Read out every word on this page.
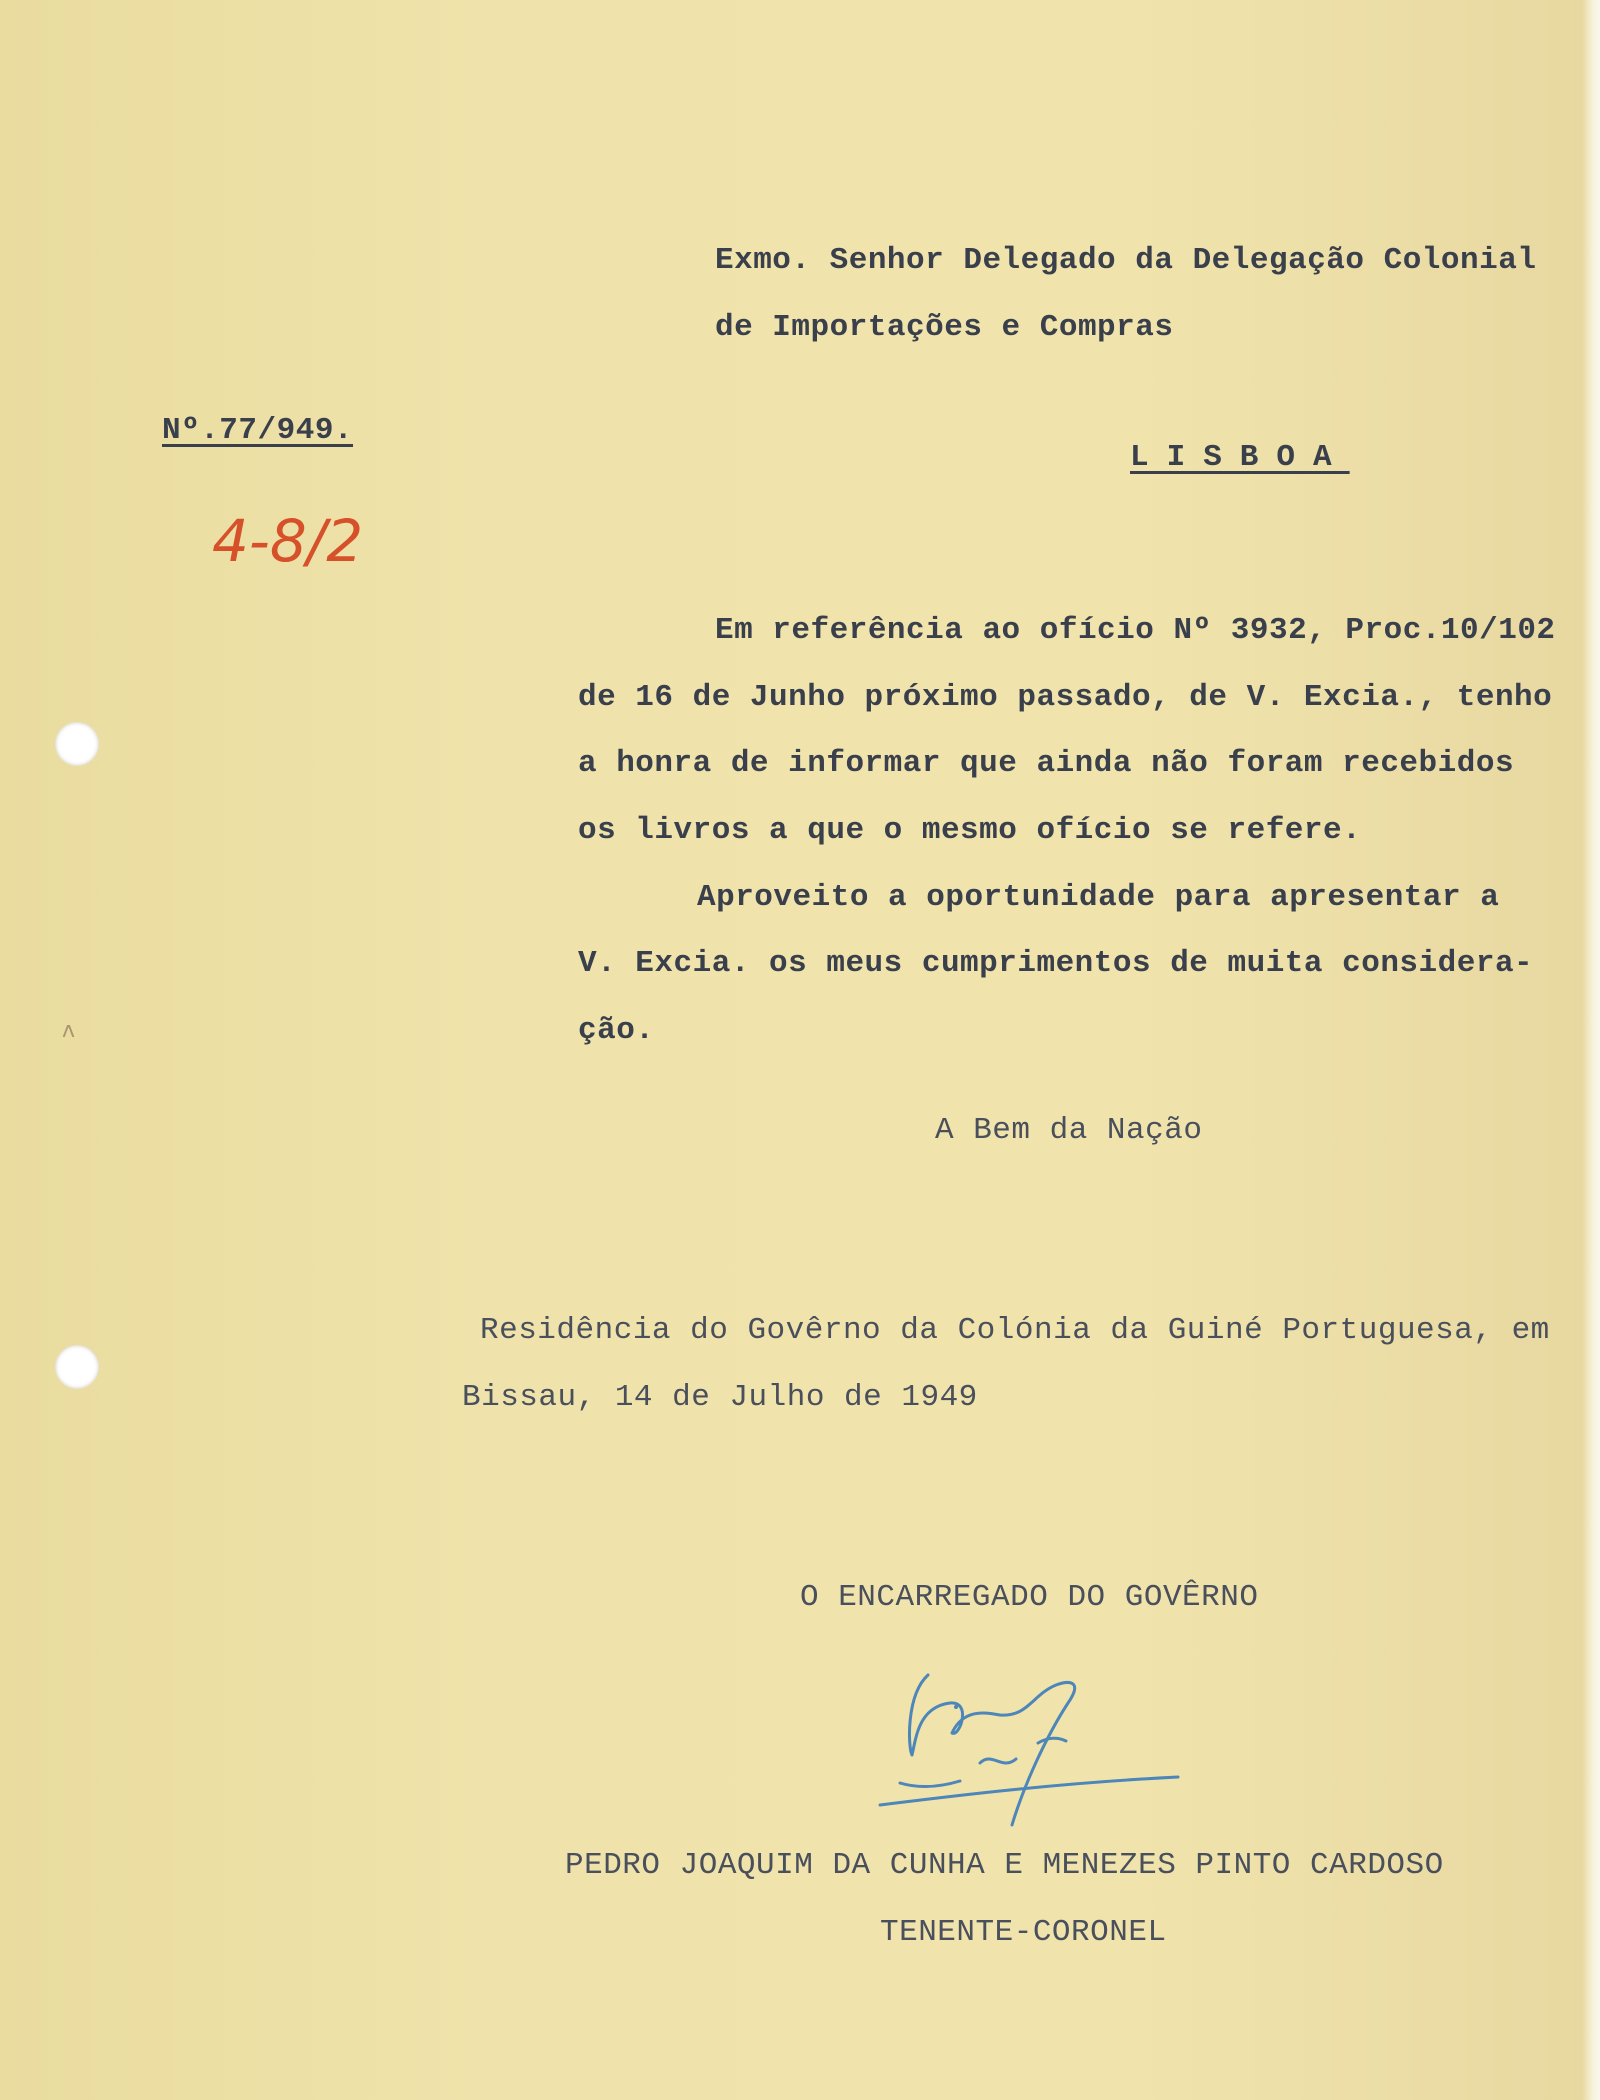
ʌ
Exmo. Senhor Delegado da Delegação Colonial
de Importações e Compras
Nº.77/949.
LISBOA
4-8/2
Em referência ao ofício Nº 3932, Proc.10/102
de 16 de Junho próximo passado, de V. Excia., tenho
a honra de informar que ainda não foram recebidos
os livros a que o mesmo ofício se refere.
Aproveito a oportunidade para apresentar a
V. Excia. os meus cumprimentos de muita considera-
ção.
A Bem da Nação
Residência do Govêrno da Colónia da Guiné Portuguesa, em
Bissau, 14 de Julho de 1949
O ENCARREGADO DO GOVÊRNO
PEDRO JOAQUIM DA CUNHA E MENEZES PINTO CARDOSO
TENENTE-CORONEL
